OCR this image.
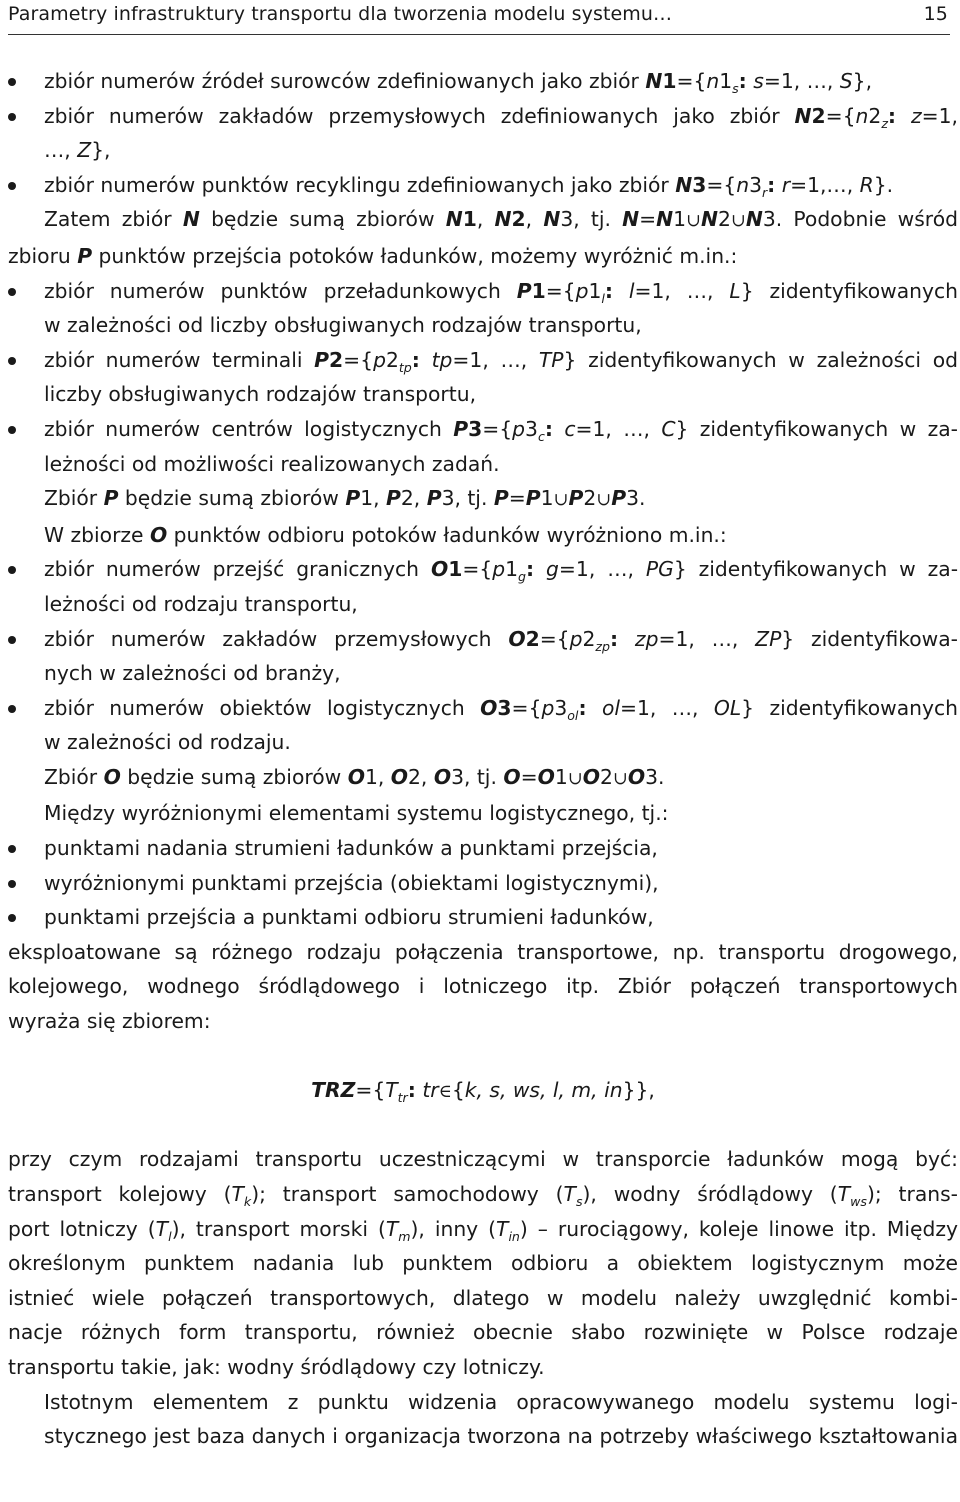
Parametry infrastruktury transportu dla tworzenia modelu systemu…	15
zbiór numerów źródeł surowców zdefiniowanych jako zbiór $N1=\{n1_s$: s=1, …, S},
zbiór numerów zakładów przemysłowych zdefiniowanych jako zbiór $N2=\{n2_z$: z=1,
…, Z},
zbiór numerów punktów recyklingu zdefiniowanych jako zbiór $N3=\{n3_r$: r=1,…, R}.
Zatem zbiór N będzie sumą zbiorów N1, N2, N3, tj. N=N1∪N2∪N3. Podobnie wśród
zbioru P punktów przejścia potoków ładunków, możemy wyróżnić m.in.:
zbiór numerów punktów przeładunkowych $P1=\{p1_l$: l=1, …, L} zidentyfikowanych
w zależności od liczby obsługiwanych rodzajów transportu,
zbiór numerów terminali $P2=\{p2_{tp}$: tp=1, …, TP} zidentyfikowanych w zależności od
liczby obsługiwanych rodzajów transportu,
zbiór numerów centrów logistycznych $P3=\{p3_c$: c=1, …, C} zidentyfikowanych w za-
leżności od możliwości realizowanych zadań.
Zbiór P będzie sumą zbiorów P1, P2, P3, tj. P=P1∪P2∪P3.
W zbiorze O punktów odbioru potoków ładunków wyróżniono m.in.:
zbiór numerów przejść granicznych $O1=\{p1_g$: g=1, …, PG} zidentyfikowanych w za-
leżności od rodzaju transportu,
zbiór numerów zakładów przemysłowych $O2=\{p2_{zp}$: zp=1, …, ZP} zidentyfikowa-
nych w zależności od branży,
zbiór numerów obiektów logistycznych $O3=\{p3_{ol}$: ol=1, …, OL} zidentyfikowanych
w zależności od rodzaju.
Zbiór O będzie sumą zbiorów O1, O2, O3, tj. O=O1∪O2∪O3.
Między wyróżnionymi elementami systemu logistycznego, tj.:
punktami nadania strumieni ładunków a punktami przejścia,
wyróżnionymi punktami przejścia (obiektami logistycznymi),
punktami przejścia a punktami odbioru strumieni ładunków,
eksploatowane są różnego rodzaju połączenia transportowe, np. transportu drogowego,
kolejowego, wodnego śródlądowego i lotniczego itp. Zbiór połączeń transportowych
wyraża się zbiorem:
$TRZ=\{T_{tr}$: tr∈{k, s, ws, l, m, in}},
przy czym rodzajami transportu uczestniczącymi w transporcie ładunków mogą być:
transport kolejowy $(T_k)$; transport samochodowy $(T_s)$, wodny śródlądowy $(T_{ws})$; trans-
port lotniczy $(T_l)$, transport morski $(T_m)$, inny $(T_{in})$ – rurociągowy, koleje linowe itp. Między
określonym punktem nadania lub punktem odbioru a obiektem logistycznym może
istnieć wiele połączeń transportowych, dlatego w modelu należy uwzględnić kombi-
nacje różnych form transportu, również obecnie słabo rozwinięte w Polsce rodzaje
transportu takie, jak: wodny śródlądowy czy lotniczy.
Istotnym elementem z punktu widzenia opracowywanego modelu systemu logi-
stycznego jest baza danych i organizacja tworzona na potrzeby właściwego kształtowania
